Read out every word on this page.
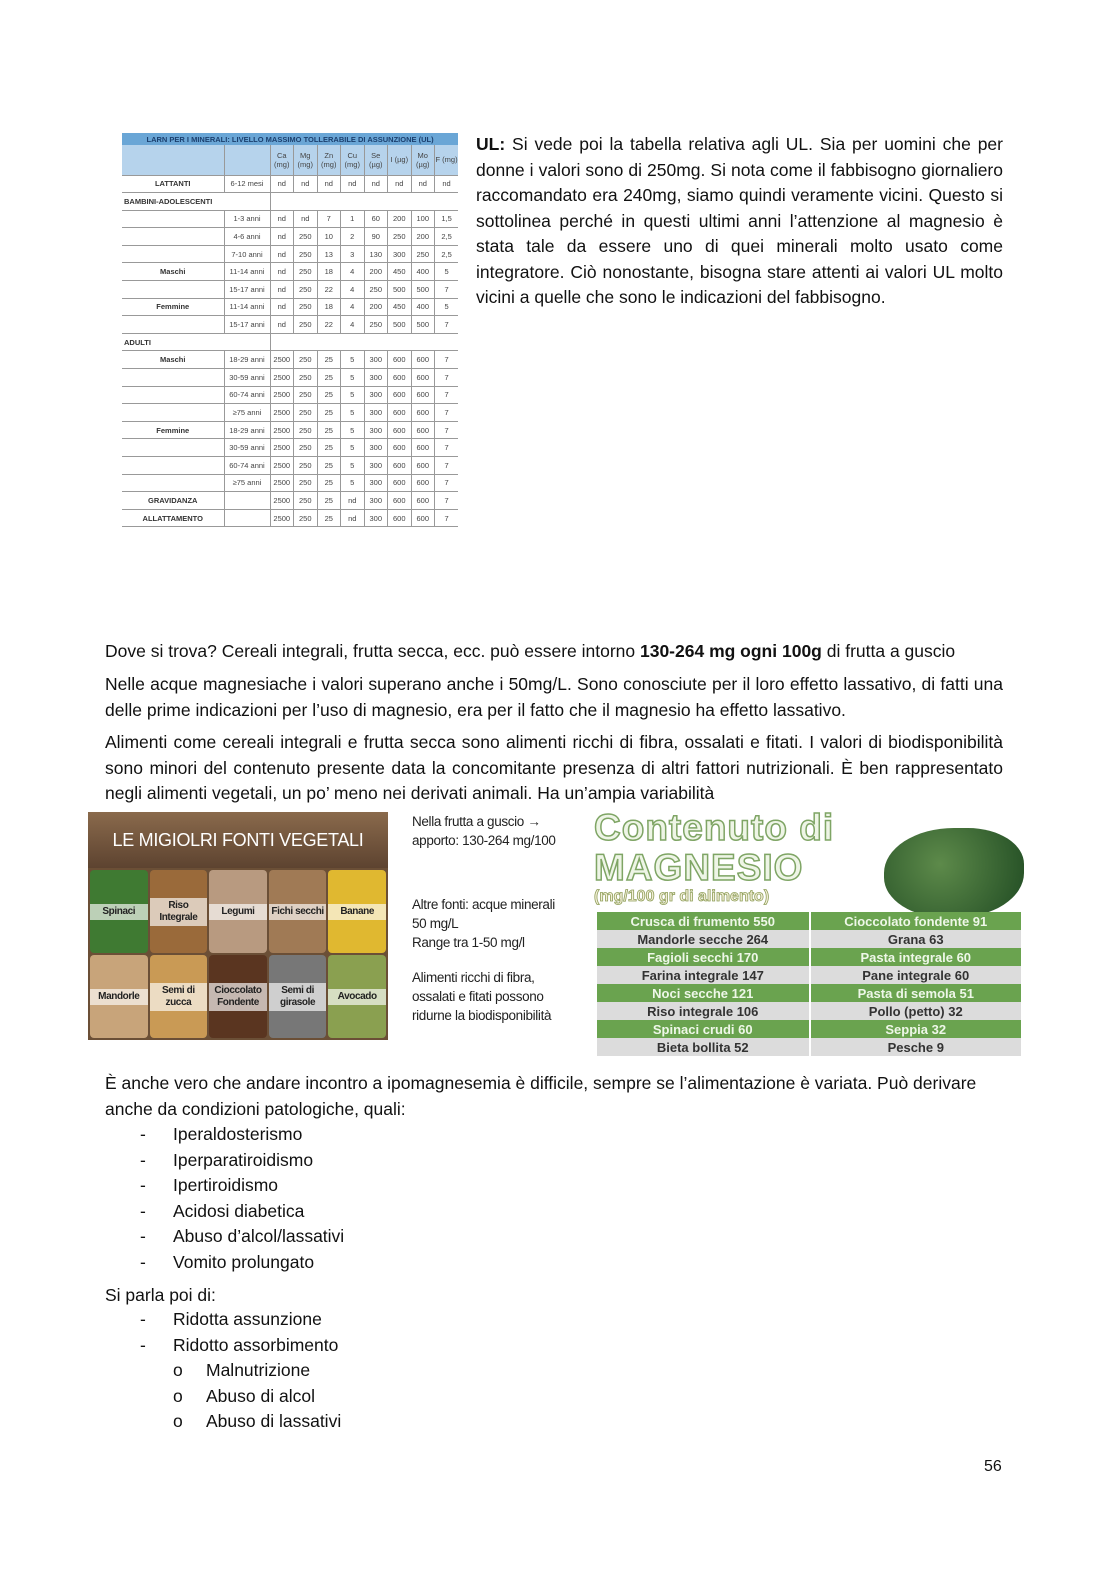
LARN PER I MINERALI: LIVELLO MASSIMO TOLLERABILE DI ASSUNZIONE (UL)									
		Ca (mg)	Mg (mg)	Zn (mg)	Cu (mg)	Se (µg)	I (µg)	Mo (µg)	F (mg)
LATTANTI	6-12 mesi	nd	nd	nd	nd	nd	nd	nd	nd
BAMBINI-ADOLESCENTI									
	1-3 anni	nd	nd	7	1	60	200	100	1,5
	4-6 anni	nd	250	10	2	90	250	200	2,5
	7-10 anni	nd	250	13	3	130	300	250	2,5
Maschi	11-14 anni	nd	250	18	4	200	450	400	5
	15-17 anni	nd	250	22	4	250	500	500	7
Femmine	11-14 anni	nd	250	18	4	200	450	400	5
	15-17 anni	nd	250	22	4	250	500	500	7
ADULTI									
Maschi	18-29 anni	2500	250	25	5	300	600	600	7
	30-59 anni	2500	250	25	5	300	600	600	7
	60-74 anni	2500	250	25	5	300	600	600	7
	≥75 anni	2500	250	25	5	300	600	600	7
Femmine	18-29 anni	2500	250	25	5	300	600	600	7
	30-59 anni	2500	250	25	5	300	600	600	7
	60-74 anni	2500	250	25	5	300	600	600	7
	≥75 anni	2500	250	25	5	300	600	600	7
GRAVIDANZA		2500	250	25	nd	300	600	600	7
ALLATTAMENTO		2500	250	25	nd	300	600	600	7
UL: Si vede poi la tabella relativa agli UL. Sia per uomini che per donne i valori sono di 250mg. Si nota come il fabbisogno giornaliero raccomandato era 240mg, siamo quindi veramente vicini. Questo si sottolinea perché in questi ultimi anni l’attenzione al magnesio è stata tale da essere uno di quei minerali molto usato come integratore. Ciò nonostante, bisogna stare attenti ai valori UL molto vicini a quelle che sono le indicazioni del fabbisogno.
Dove si trova? Cereali integrali, frutta secca, ecc. può essere intorno 130-264 mg ogni 100g di frutta a guscio
Nelle acque magnesiache i valori superano anche i 50mg/L. Sono conosciute per il loro effetto lassativo, di fatti una delle prime indicazioni per l’uso di magnesio, era per il fatto che il magnesio ha effetto lassativo.
Alimenti come cereali integrali e frutta secca sono alimenti ricchi di fibra, ossalati e fitati. I valori di biodisponibilità sono minori del contenuto presente data la concomitante presenza di altri fattori nutrizionali. È ben rappresentato negli alimenti vegetali, un po’ meno nei derivati animali. Ha un’ampia variabilità
LE MIGIOLRI FONTI VEGETALI
Spinaci
Riso Integrale
Legumi	Fichi secchi	Banane
Mandorle
Semi di zucca
Cioccolato Fondente
Semi di girasole
Avocado
Nella frutta a guscio →
apporto: 130-264 mg/100
Altre fonti: acque minerali
50 mg/L
Range tra 1-50 mg/l
Alimenti ricchi di fibra,
ossalati e fitati possono
ridurne la biodisponibilità
Contenuto di
MAGNESIO
(mg/100 gr di alimento)
Crusca di frumento 550	Cioccolato fondente 91
Mandorle secche 264	Grana 63
Fagioli secchi 170	Pasta integrale 60
Farina integrale 147	Pane integrale 60
Noci secche 121	Pasta di semola 51
Riso integrale 106	Pollo (petto) 32
Spinaci crudi 60	Seppia 32
Bieta bollita 52	Pesche 9
È anche vero che andare incontro a ipomagnesemia è difficile, sempre se l’alimentazione è variata. Può derivare anche da condizioni patologiche, quali:
-	Iperaldosterismo
-	Iperparatiroidismo
-	Ipertiroidismo
-	Acidosi diabetica
-	Abuso d’alcol/lassativi
-	Vomito prolungato
Si parla poi di:
-	Ridotta assunzione
-	Ridotto assorbimento
o	Malnutrizione
o	Abuso di alcol
o	Abuso di lassativi
56
